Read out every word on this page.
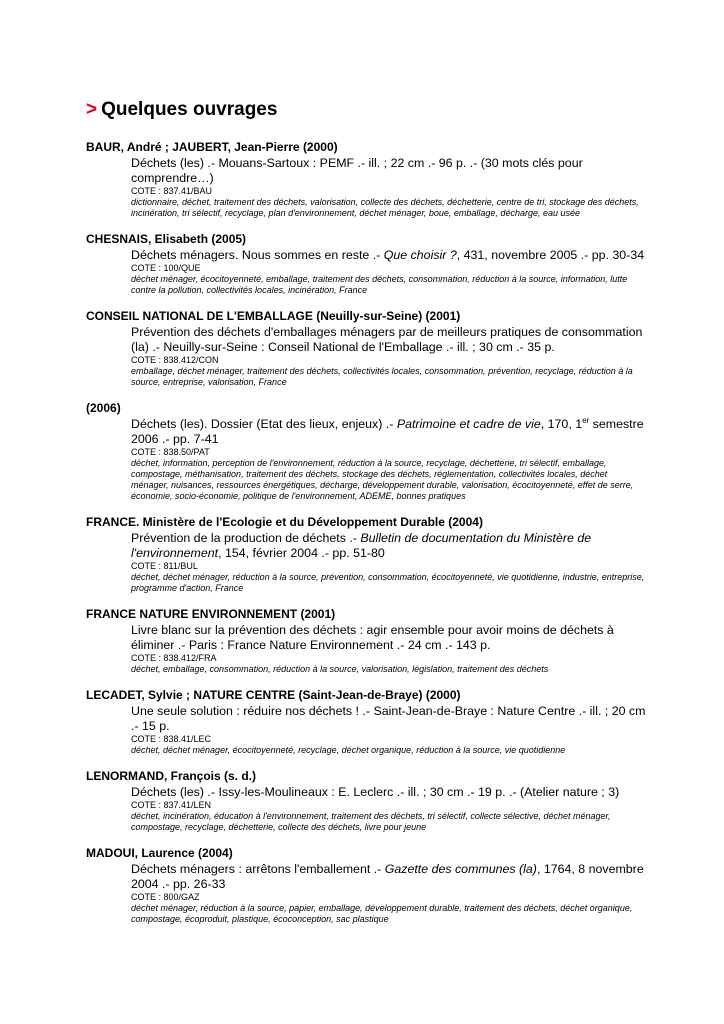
> Quelques ouvrages
BAUR, André ; JAUBERT, Jean-Pierre (2000)
Déchets (les) .- Mouans-Sartoux : PEMF .- ill. ; 22 cm .- 96 p. .- (30 mots clés pour comprendre…)
COTE : 837.41/BAU
dictionnaire, déchet, traitement des déchets, valorisation, collecte des déchets, déchetterie, centre de tri, stockage des déchets, incinération, tri sélectif, recyclage, plan d'environnement, déchet ménager, boue, emballage, décharge, eau usée
CHESNAIS, Elisabeth (2005)
Déchets ménagers. Nous sommes en reste .- Que choisir ?, 431, novembre 2005 .- pp. 30-34
COTE : 100/QUE
déchet ménager, écocitoyenneté, emballage, traitement des déchets, consommation, réduction à la source, information, lutte contre la pollution, collectivités locales, incinération, France
CONSEIL NATIONAL DE L'EMBALLAGE (Neuilly-sur-Seine) (2001)
Prévention des déchets d'emballages ménagers par de meilleurs pratiques de consommation (la) .- Neuilly-sur-Seine : Conseil National de l'Emballage .- ill. ; 30 cm .- 35 p.
COTE : 838.412/CON
emballage, déchet ménager, traitement des déchets, collectivités locales, consommation, prévention, recyclage, réduction à la source, entreprise, valorisation, France
(2006)
Déchets (les). Dossier (Etat des lieux, enjeux) .- Patrimoine et cadre de vie, 170, 1er semestre 2006 .- pp. 7-41
COTE : 838.50/PAT
déchet, information, perception de l'environnement, réduction à la source, recyclage, déchetterie, tri sélectif, emballage, compostage, méthanisation, traitement des déchets, stockage des déchets, réglementation, collectivités locales, déchet ménager, nuisances, ressources énergétiques, décharge, développement durable, valorisation, écocitoyenneté, effet de serre, économie, socio-économie, politique de l'environnement, ADEME, bonnes pratiques
FRANCE. Ministère de l'Ecologie et du Développement Durable (2004)
Prévention de la production de déchets .- Bulletin de documentation du Ministère de l'environnement, 154, février 2004 .- pp. 51-80
COTE : 811/BUL
déchet, déchet ménager, réduction à la source, prévention, consommation, écocitoyenneté, vie quotidienne, industrie, entreprise, programme d'action, France
FRANCE NATURE ENVIRONNEMENT (2001)
Livre blanc sur la prévention des déchets : agir ensemble pour avoir moins de déchets à éliminer .- Paris : France Nature Environnement .- 24 cm .- 143 p.
COTE : 838.412/FRA
déchet, emballage, consommation, réduction à la source, valorisation, législation, traitement des déchets
LECADET, Sylvie ; NATURE CENTRE (Saint-Jean-de-Braye) (2000)
Une seule solution : réduire nos déchets ! .- Saint-Jean-de-Braye : Nature Centre .- ill. ; 20 cm .- 15 p.
COTE : 838.41/LEC
déchet, déchet ménager, écocitoyenneté, recyclage, déchet organique, réduction à la source, vie quotidienne
LENORMAND, François (s. d.)
Déchets (les) .- Issy-les-Moulineaux : E. Leclerc .- ill. ; 30 cm .- 19 p. .- (Atelier nature ; 3)
COTE : 837.41/LEN
déchet, incinération, éducation à l'environnement, traitement des déchets, tri sélectif, collecte sélective, déchet ménager, compostage, recyclage, déchetterie, collecte des déchets, livre pour jeune
MADOUI, Laurence (2004)
Déchets ménagers : arrêtons l'emballement .- Gazette des communes (la), 1764, 8 novembre 2004 .- pp. 26-33
COTE : 800/GAZ
déchet ménager, réduction à la source, papier, emballage, développement durable, traitement des déchets, déchet organique, compostage, écoproduit, plastique, écoconception, sac plastique
